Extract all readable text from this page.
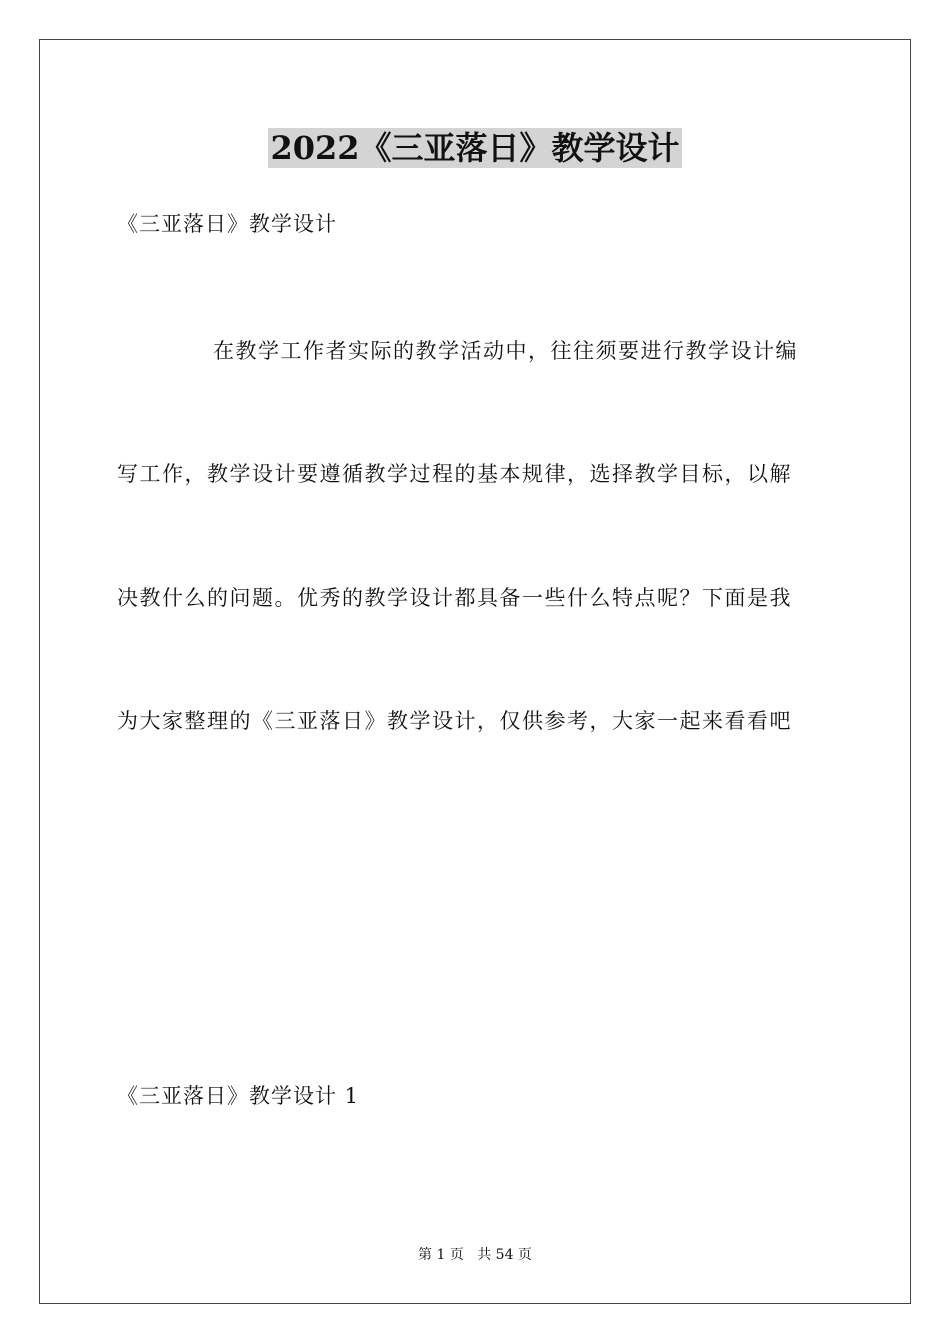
2022《三亚落日》教学设计
《三亚落日》教学设计
在教学工作者实际的教学活动中，往往须要进行教学设计编
写工作，教学设计要遵循教学过程的基本规律，选择教学目标，以解
决教什么的问题。优秀的教学设计都具备一些什么特点呢？下面是我
为大家整理的《三亚落日》教学设计，仅供参考，大家一起来看看吧
《三亚落日》教学设计 1
第 1 页 共 54 页
